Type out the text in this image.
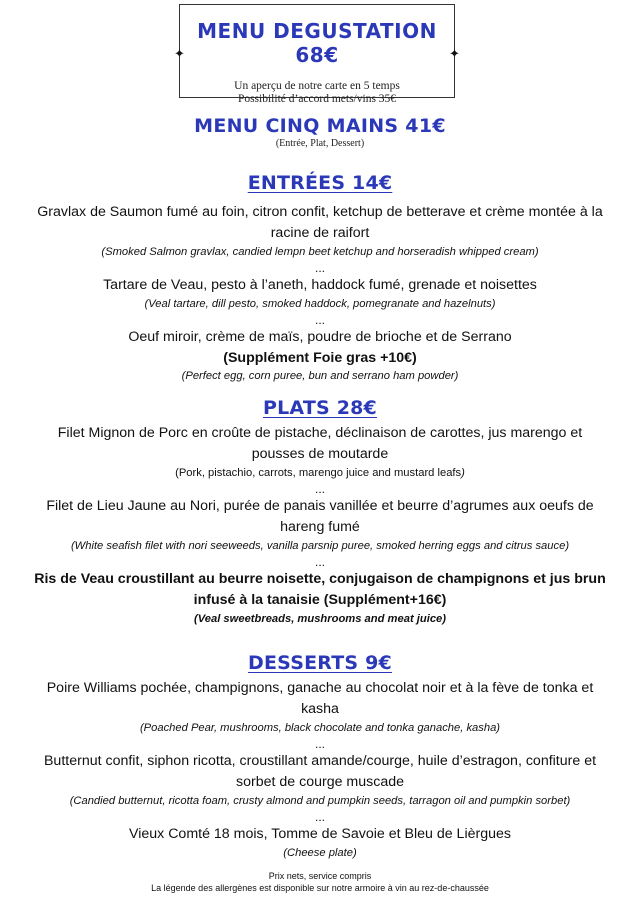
MENU DEGUSTATION 68€
Un aperçu de notre carte en 5 temps
Possibilité d’accord mets/vins 35€
✦	✦
MENU CINQ MAINS 41€
(Entrée, Plat, Dessert)
ENTRÉES 14€
Gravlax de Saumon fumé au foin, citron confit, ketchup de betterave et crème montée à la
racine de raifort
(Smoked Salmon gravlax, candied lempn beet ketchup and horseradish whipped cream)
...
Tartare de Veau, pesto à l’aneth, haddock fumé, grenade et noisettes
(Veal tartare, dill pesto, smoked haddock, pomegranate and hazelnuts)
...
Oeuf miroir, crème de maïs, poudre de brioche et de Serrano
(Supplément Foie gras +10€)
(Perfect egg, corn puree, bun and serrano ham powder)
PLATS 28€
Filet Mignon de Porc en croûte de pistache, déclinaison de carottes, jus marengo et
pousses de moutarde
(Pork, pistachio, carrots, marengo juice and mustard leafs)
...
Filet de Lieu Jaune au Nori, purée de panais vanillée et beurre d’agrumes aux oeufs de
hareng fumé
(White seafish filet with nori seeweeds, vanilla parsnip puree, smoked herring eggs and citrus sauce)
...
Ris de Veau croustillant au beurre noisette, conjugaison de champignons et jus brun
infusé à la tanaisie (Supplément+16€)
(Veal sweetbreads, mushrooms and meat juice)
DESSERTS 9€
Poire Williams pochée, champignons, ganache au chocolat noir et à la fève de tonka et
kasha
(Poached Pear, mushrooms, black chocolate and tonka ganache, kasha)
...
Butternut confit, siphon ricotta, croustillant amande/courge, huile d’estragon, confiture et
sorbet de courge muscade
(Candied butternut, ricotta foam, crusty almond and pumpkin seeds, tarragon oil and pumpkin sorbet)
...
Vieux Comté 18 mois, Tomme de Savoie et Bleu de Lièrgues
(Cheese plate)
Prix nets, service compris
La légende des allergènes est disponible sur notre armoire à vin au rez-de-chaussée
